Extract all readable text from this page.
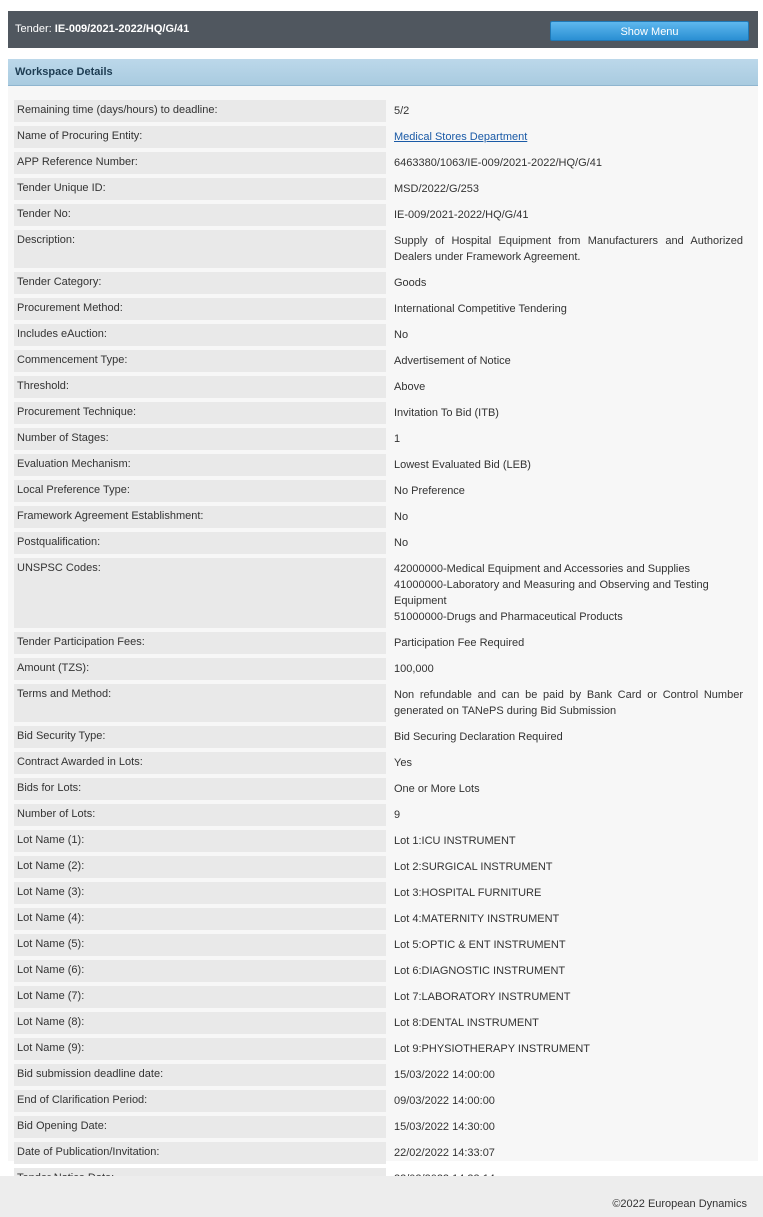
Tender: IE-009/2021-2022/HQ/G/41	Show Menu
Workspace Details
Remaining time (days/hours) to deadline:	5/2
Name of Procuring Entity:	Medical Stores Department
APP Reference Number:	6463380/1063/IE-009/2021-2022/HQ/G/41
Tender Unique ID:	MSD/2022/G/253
Tender No:	IE-009/2021-2022/HQ/G/41
Description:	Supply of Hospital Equipment from Manufacturers and Authorized Dealers under Framework Agreement.
Tender Category:	Goods
Procurement Method:	International Competitive Tendering
Includes eAuction:	No
Commencement Type:	Advertisement of Notice
Threshold:	Above
Procurement Technique:	Invitation To Bid (ITB)
Number of Stages:	1
Evaluation Mechanism:	Lowest Evaluated Bid (LEB)
Local Preference Type:	No Preference
Framework Agreement Establishment:	No
Postqualification:	No
UNSPSC Codes:	42000000-Medical Equipment and Accessories and Supplies
41000000-Laboratory and Measuring and Observing and Testing Equipment
51000000-Drugs and Pharmaceutical Products
Tender Participation Fees:	Participation Fee Required
Amount (TZS):	100,000
Terms and Method:	Non refundable and can be paid by Bank Card or Control Number generated on TANePS during Bid Submission
Bid Security Type:	Bid Securing Declaration Required
Contract Awarded in Lots:	Yes
Bids for Lots:	One or More Lots
Number of Lots:	9
Lot Name (1):	Lot 1:ICU INSTRUMENT
Lot Name (2):	Lot 2:SURGICAL INSTRUMENT
Lot Name (3):	Lot 3:HOSPITAL FURNITURE
Lot Name (4):	Lot 4:MATERNITY INSTRUMENT
Lot Name (5):	Lot 5:OPTIC & ENT INSTRUMENT
Lot Name (6):	Lot 6:DIAGNOSTIC INSTRUMENT
Lot Name (7):	Lot 7:LABORATORY INSTRUMENT
Lot Name (8):	Lot 8:DENTAL INSTRUMENT
Lot Name (9):	Lot 9:PHYSIOTHERAPY INSTRUMENT
Bid submission deadline date:	15/03/2022 14:00:00
End of Clarification Period:	09/03/2022 14:00:00
Bid Opening Date:	15/03/2022 14:30:00
Date of Publication/Invitation:	22/02/2022 14:33:07
©2022 European Dynamics
